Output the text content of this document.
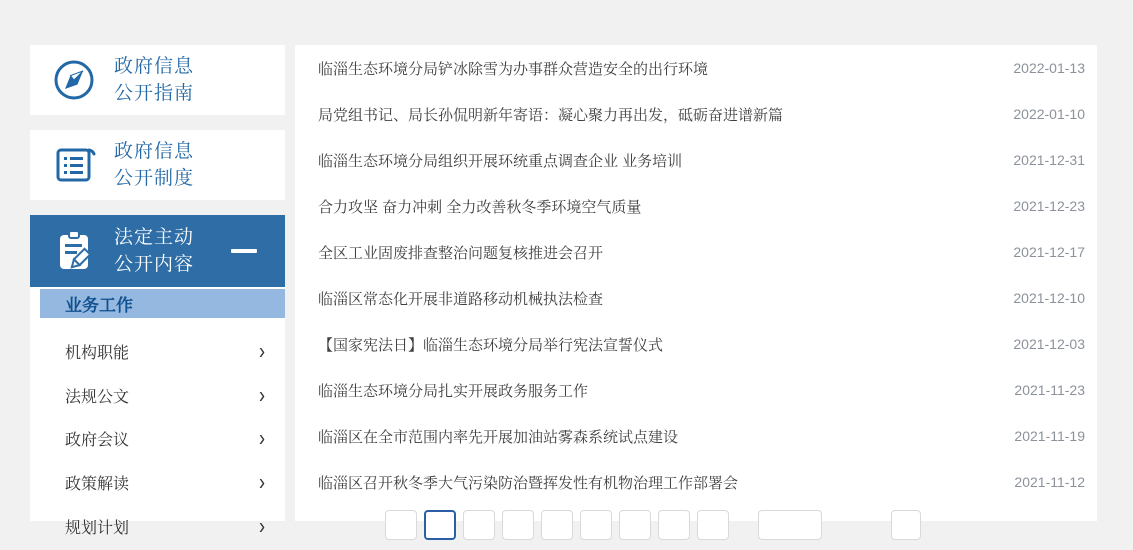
政府信息
公开指南
政府信息
公开制度
法定主动
公开内容
业务工作
机构职能	›
法规公文	›
政府会议	›
政策解读	›
规划计划	›
临淄生态环境分局铲冰除雪为办事群众营造安全的出行环境	2022-01-13
局党组书记、局长孙侃明新年寄语：凝心聚力再出发，砥砺奋进谱新篇	2022-01-10
临淄生态环境分局组织开展环统重点调查企业 业务培训	2021-12-31
合力攻坚 奋力冲刺 全力改善秋冬季环境空气质量	2021-12-23
全区工业固废排查整治问题复核推进会召开	2021-12-17
临淄区常态化开展非道路移动机械执法检查	2021-12-10
【国家宪法日】临淄生态环境分局举行宪法宣誓仪式	2021-12-03
临淄生态环境分局扎实开展政务服务工作	2021-11-23
临淄区在全市范围内率先开展加油站雾森系统试点建设	2021-11-19
临淄区召开秋冬季大气污染防治暨挥发性有机物治理工作部署会	2021-11-12
